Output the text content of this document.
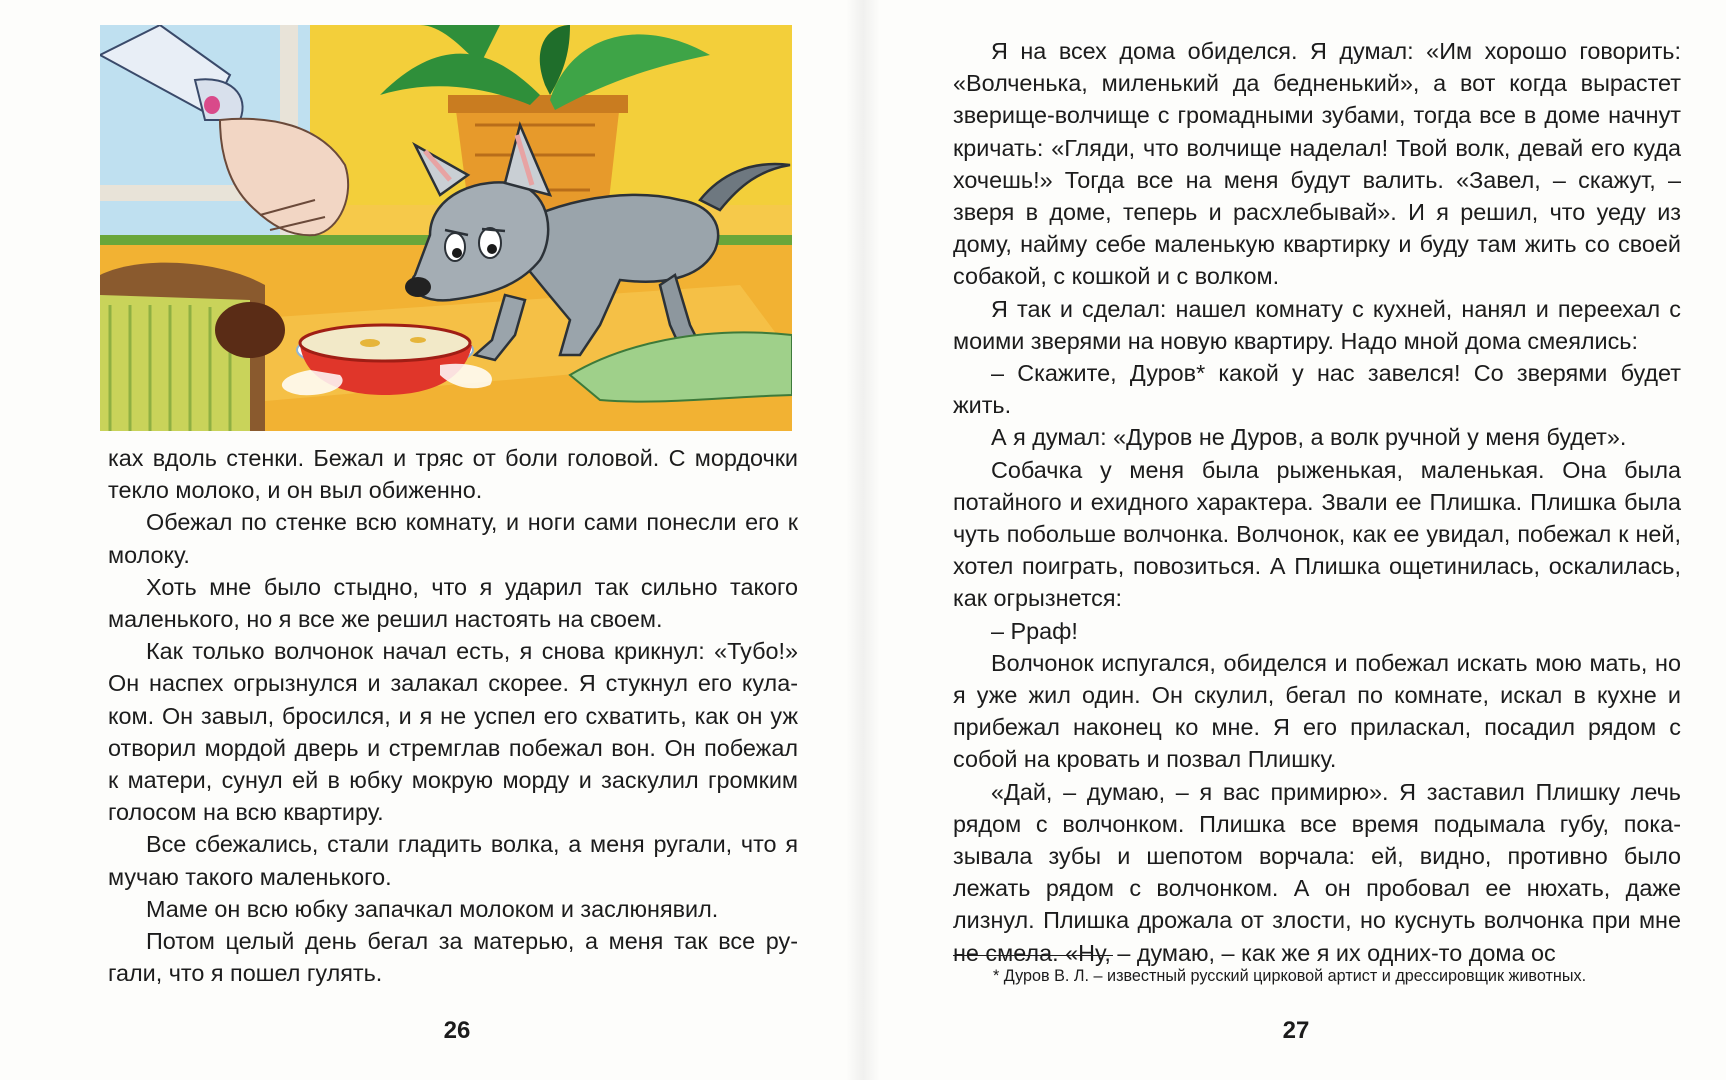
ках вдоль стенки. Бежал и тряс от боли головой. С мордочки текло молоко, и он выл обиженно.

Обежал по стенке всю комнату, и ноги сами понесли его к молоку.

Хоть мне было стыдно, что я ударил так сильно такого маленького, но я все же решил настоять на своем.

Как только волчонок начал есть, я снова крикнул: «Тубо!» Он наспех огрызнулся и залакал скорее. Я стукнул его кулаком. Он завыл, бросился, и я не успел его схватить, как он уж отворил мордой дверь и стремглав побежал вон. Он побежал к матери, сунул ей в юбку мокрую морду и заскулил громким голосом на всю квартиру.

Все сбежались, стали гладить волка, а меня ругали, что я мучаю такого маленького.

Маме он всю юбку запачкал молоком и заслюнявил.

Потом целый день бегал за матерью, а меня так все ругали, что я пошел гулять.

26

Я на всех дома обиделся. Я думал: «Им хорошо говорить: «Волченька, миленький да бедненький», а вот когда вырастет зверище-волчище с громадными зубами, тогда все в доме начнут кричать: «Гляди, что волчище наделал! Твой волк, девай его куда хочешь!» Тогда все на меня будут валить. «Завел, – скажут, – зверя в доме, теперь и расхлебывай». И я решил, что уеду из дому, найму себе маленькую квартирку и буду там жить со своей собакой, с кошкой и с волком.

Я так и сделал: нашел комнату с кухней, нанял и переехал с моими зверями на новую квартиру. Надо мной дома смеялись:

– Скажите, Дуров* какой у нас завелся! Со зверями будет жить.

А я думал: «Дуров не Дуров, а волк ручной у меня будет».

Собачка у меня была рыженькая, маленькая. Она была потайного и ехидного характера. Звали ее Плишка. Плишка была чуть побольше волчонка. Волчонок, как ее увидал, побежал к ней, хотел поиграть, повозиться. А Плишка ощетинилась, оскалилась, как огрызнется:

– Рраф!

Волчонок испугался, обиделся и побежал искать мою мать, но я уже жил один. Он скулил, бегал по комнате, искал в кухне и прибежал наконец ко мне. Я его приласкал, посадил рядом с собой на кровать и позвал Плишку.

«Дай, – думаю, – я вас примирю». Я заставил Плишку лечь рядом с волчонком. Плишка все время подымала губу, показывала зубы и шепотом ворчала: ей, видно, противно было лежать рядом с волчонком. А он пробовал ее нюхать, даже лизнул. Плишка дрожала от злости, но куснуть волчонка при мне не смела. «Ну, – думаю, – как же я их одних-то дома ос

* Дуров В. Л. – известный русский цирковой артист и дрессировщик животных.
27
